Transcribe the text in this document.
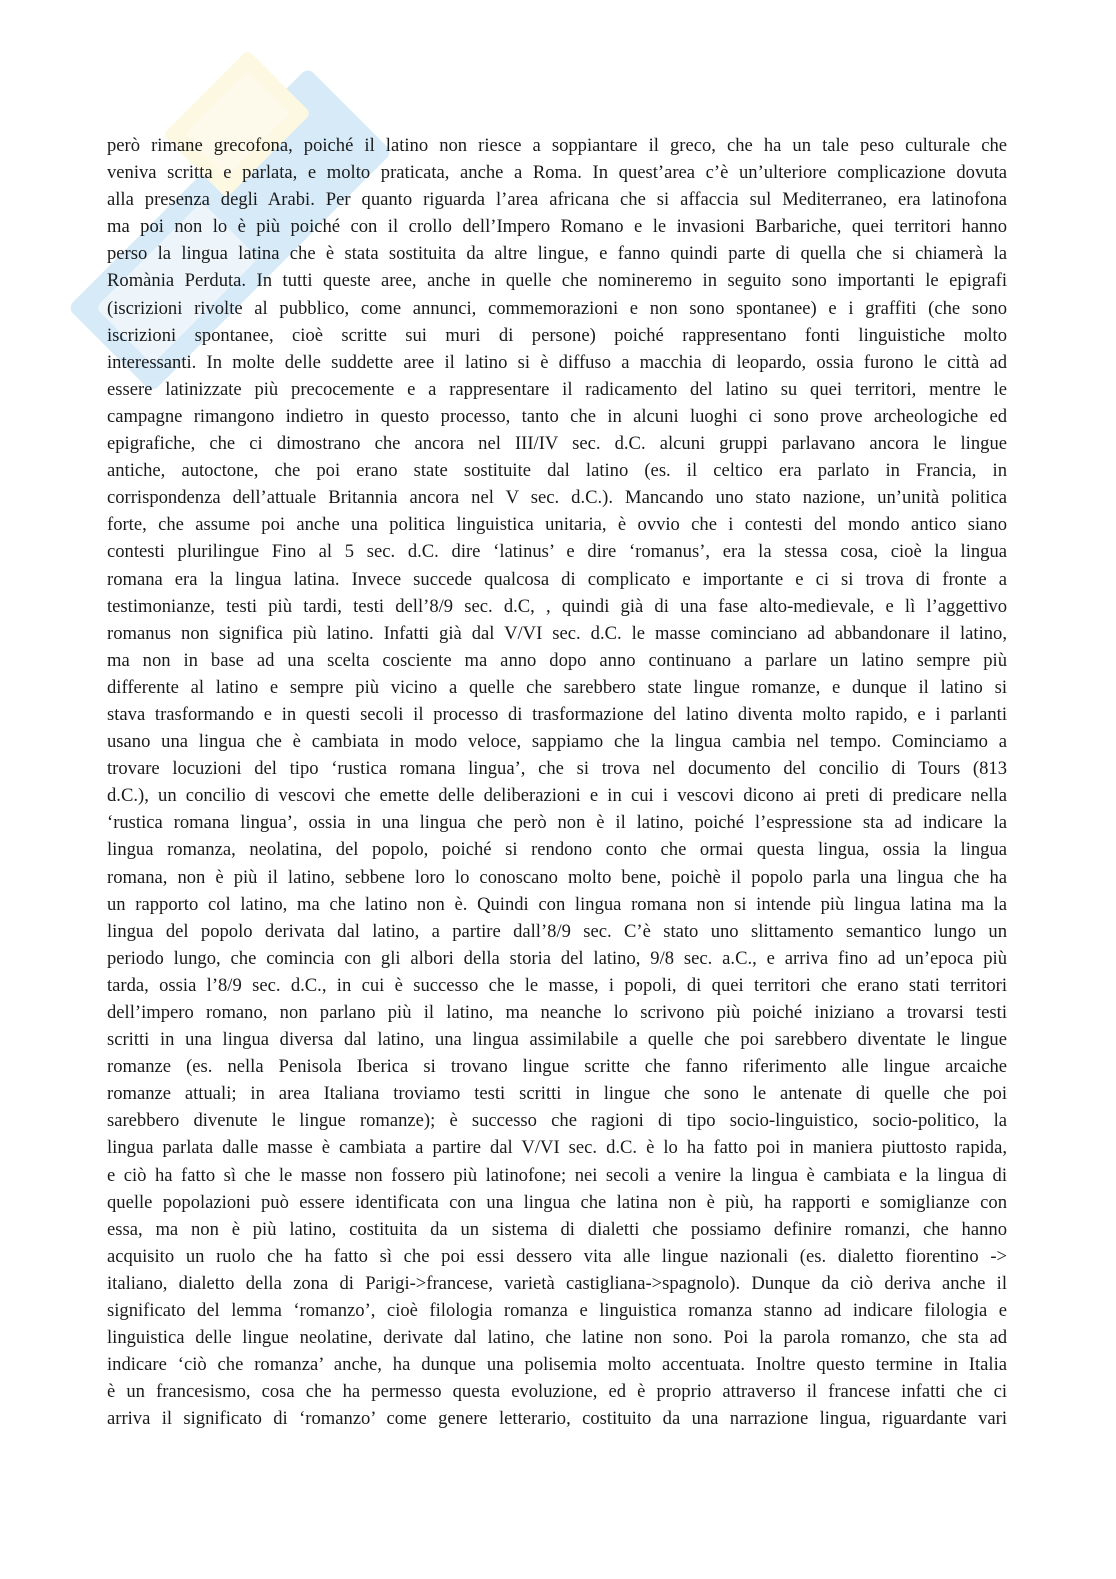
però rimane grecofona, poiché il latino non riesce a soppiantare il greco, che ha un tale peso culturale che
veniva scritta e parlata, e molto praticata, anche a Roma. In quest’area c’è un’ulteriore complicazione dovuta
alla presenza degli Arabi. Per quanto riguarda l’area africana che si affaccia sul Mediterraneo, era latinofona
ma poi non lo è più poiché con il crollo dell’Impero Romano e le invasioni Barbariche, quei territori hanno
perso la lingua latina che è stata sostituita da altre lingue, e fanno quindi parte di quella che si chiamerà la
Romània Perduta. In tutti queste aree, anche in quelle che nomineremo in seguito sono importanti le epigrafi
(iscrizioni rivolte al pubblico, come annunci, commemorazioni e non sono spontanee) e i graffiti (che sono
iscrizioni spontanee, cioè scritte sui muri di persone) poiché rappresentano fonti linguistiche molto
interessanti. In molte delle suddette aree il latino si è diffuso a macchia di leopardo, ossia furono le città ad
essere latinizzate più precocemente e a rappresentare il radicamento del latino su quei territori, mentre le
campagne rimangono indietro in questo processo, tanto che in alcuni luoghi ci sono prove archeologiche ed
epigrafiche, che ci dimostrano che ancora nel III/IV sec. d.C. alcuni gruppi parlavano ancora le lingue
antiche, autoctone, che poi erano state sostituite dal latino (es. il celtico era parlato in Francia, in
corrispondenza dell’attuale Britannia ancora nel V sec. d.C.). Mancando uno stato nazione, un’unità politica
forte, che assume poi anche una politica linguistica unitaria, è ovvio che i contesti del mondo antico siano
contesti plurilingue Fino al 5 sec. d.C. dire ‘latinus’ e dire ‘romanus’, era la stessa cosa, cioè la lingua
romana era la lingua latina. Invece succede qualcosa di complicato e importante e ci si trova di fronte a
testimonianze, testi più tardi, testi dell’8/9 sec. d.C, , quindi già di una fase alto-medievale, e lì l’aggettivo
romanus non significa più latino. Infatti già dal V/VI sec. d.C. le masse cominciano ad abbandonare il latino,
ma non in base ad una scelta cosciente ma anno dopo anno continuano a parlare un latino sempre più
differente al latino e sempre più vicino a quelle che sarebbero state lingue romanze, e dunque il latino si
stava trasformando e in questi secoli il processo di trasformazione del latino diventa molto rapido, e i parlanti
usano una lingua che è cambiata in modo veloce, sappiamo che la lingua cambia nel tempo. Cominciamo a
trovare locuzioni del tipo ‘rustica romana lingua’, che si trova nel documento del concilio di Tours (813
d.C.), un concilio di vescovi che emette delle deliberazioni e in cui i vescovi dicono ai preti di predicare nella
‘rustica romana lingua’, ossia in una lingua che però non è il latino, poiché l’espressione sta ad indicare la
lingua romanza, neolatina, del popolo, poiché si rendono conto che ormai questa lingua, ossia la lingua
romana, non è più il latino, sebbene loro lo conoscano molto bene, poichè il popolo parla una lingua che ha
un rapporto col latino, ma che latino non è. Quindi con lingua romana non si intende più lingua latina ma la
lingua del popolo derivata dal latino, a partire dall’8/9 sec. C’è stato uno slittamento semantico lungo un
periodo lungo, che comincia con gli albori della storia del latino, 9/8 sec. a.C., e arriva fino ad un’epoca più
tarda, ossia l’8/9 sec. d.C., in cui è successo che le masse, i popoli, di quei territori che erano stati territori
dell’impero romano, non parlano più il latino, ma neanche lo scrivono più poiché iniziano a trovarsi testi
scritti in una lingua diversa dal latino, una lingua assimilabile a quelle che poi sarebbero diventate le lingue
romanze (es. nella Penisola Iberica si trovano lingue scritte che fanno riferimento alle lingue arcaiche
romanze attuali; in area Italiana troviamo testi scritti in lingue che sono le antenate di quelle che poi
sarebbero divenute le lingue romanze); è successo che ragioni di tipo socio-linguistico, socio-politico, la
lingua parlata dalle masse è cambiata a partire dal V/VI sec. d.C. è lo ha fatto poi in maniera piuttosto rapida,
e ciò ha fatto sì che le masse non fossero più latinofone; nei secoli a venire la lingua è cambiata e la lingua di
quelle popolazioni può essere identificata con una lingua che latina non è più, ha rapporti e somiglianze con
essa, ma non è più latino, costituita da un sistema di dialetti che possiamo definire romanzi, che hanno
acquisito un ruolo che ha fatto sì che poi essi dessero vita alle lingue nazionali (es. dialetto fiorentino ->
italiano, dialetto della zona di Parigi->francese, varietà castigliana->spagnolo). Dunque da ciò deriva anche il
significato del lemma ‘romanzo’, cioè filologia romanza e linguistica romanza stanno ad indicare filologia e
linguistica delle lingue neolatine, derivate dal latino, che latine non sono. Poi la parola romanzo, che sta ad
indicare ‘ciò che romanza’ anche, ha dunque una polisemia molto accentuata. Inoltre questo termine in Italia
è un francesismo, cosa che ha permesso questa evoluzione, ed è proprio attraverso il francese infatti che ci
arriva il significato di ‘romanzo’ come genere letterario, costituito da una narrazione lingua, riguardante vari
